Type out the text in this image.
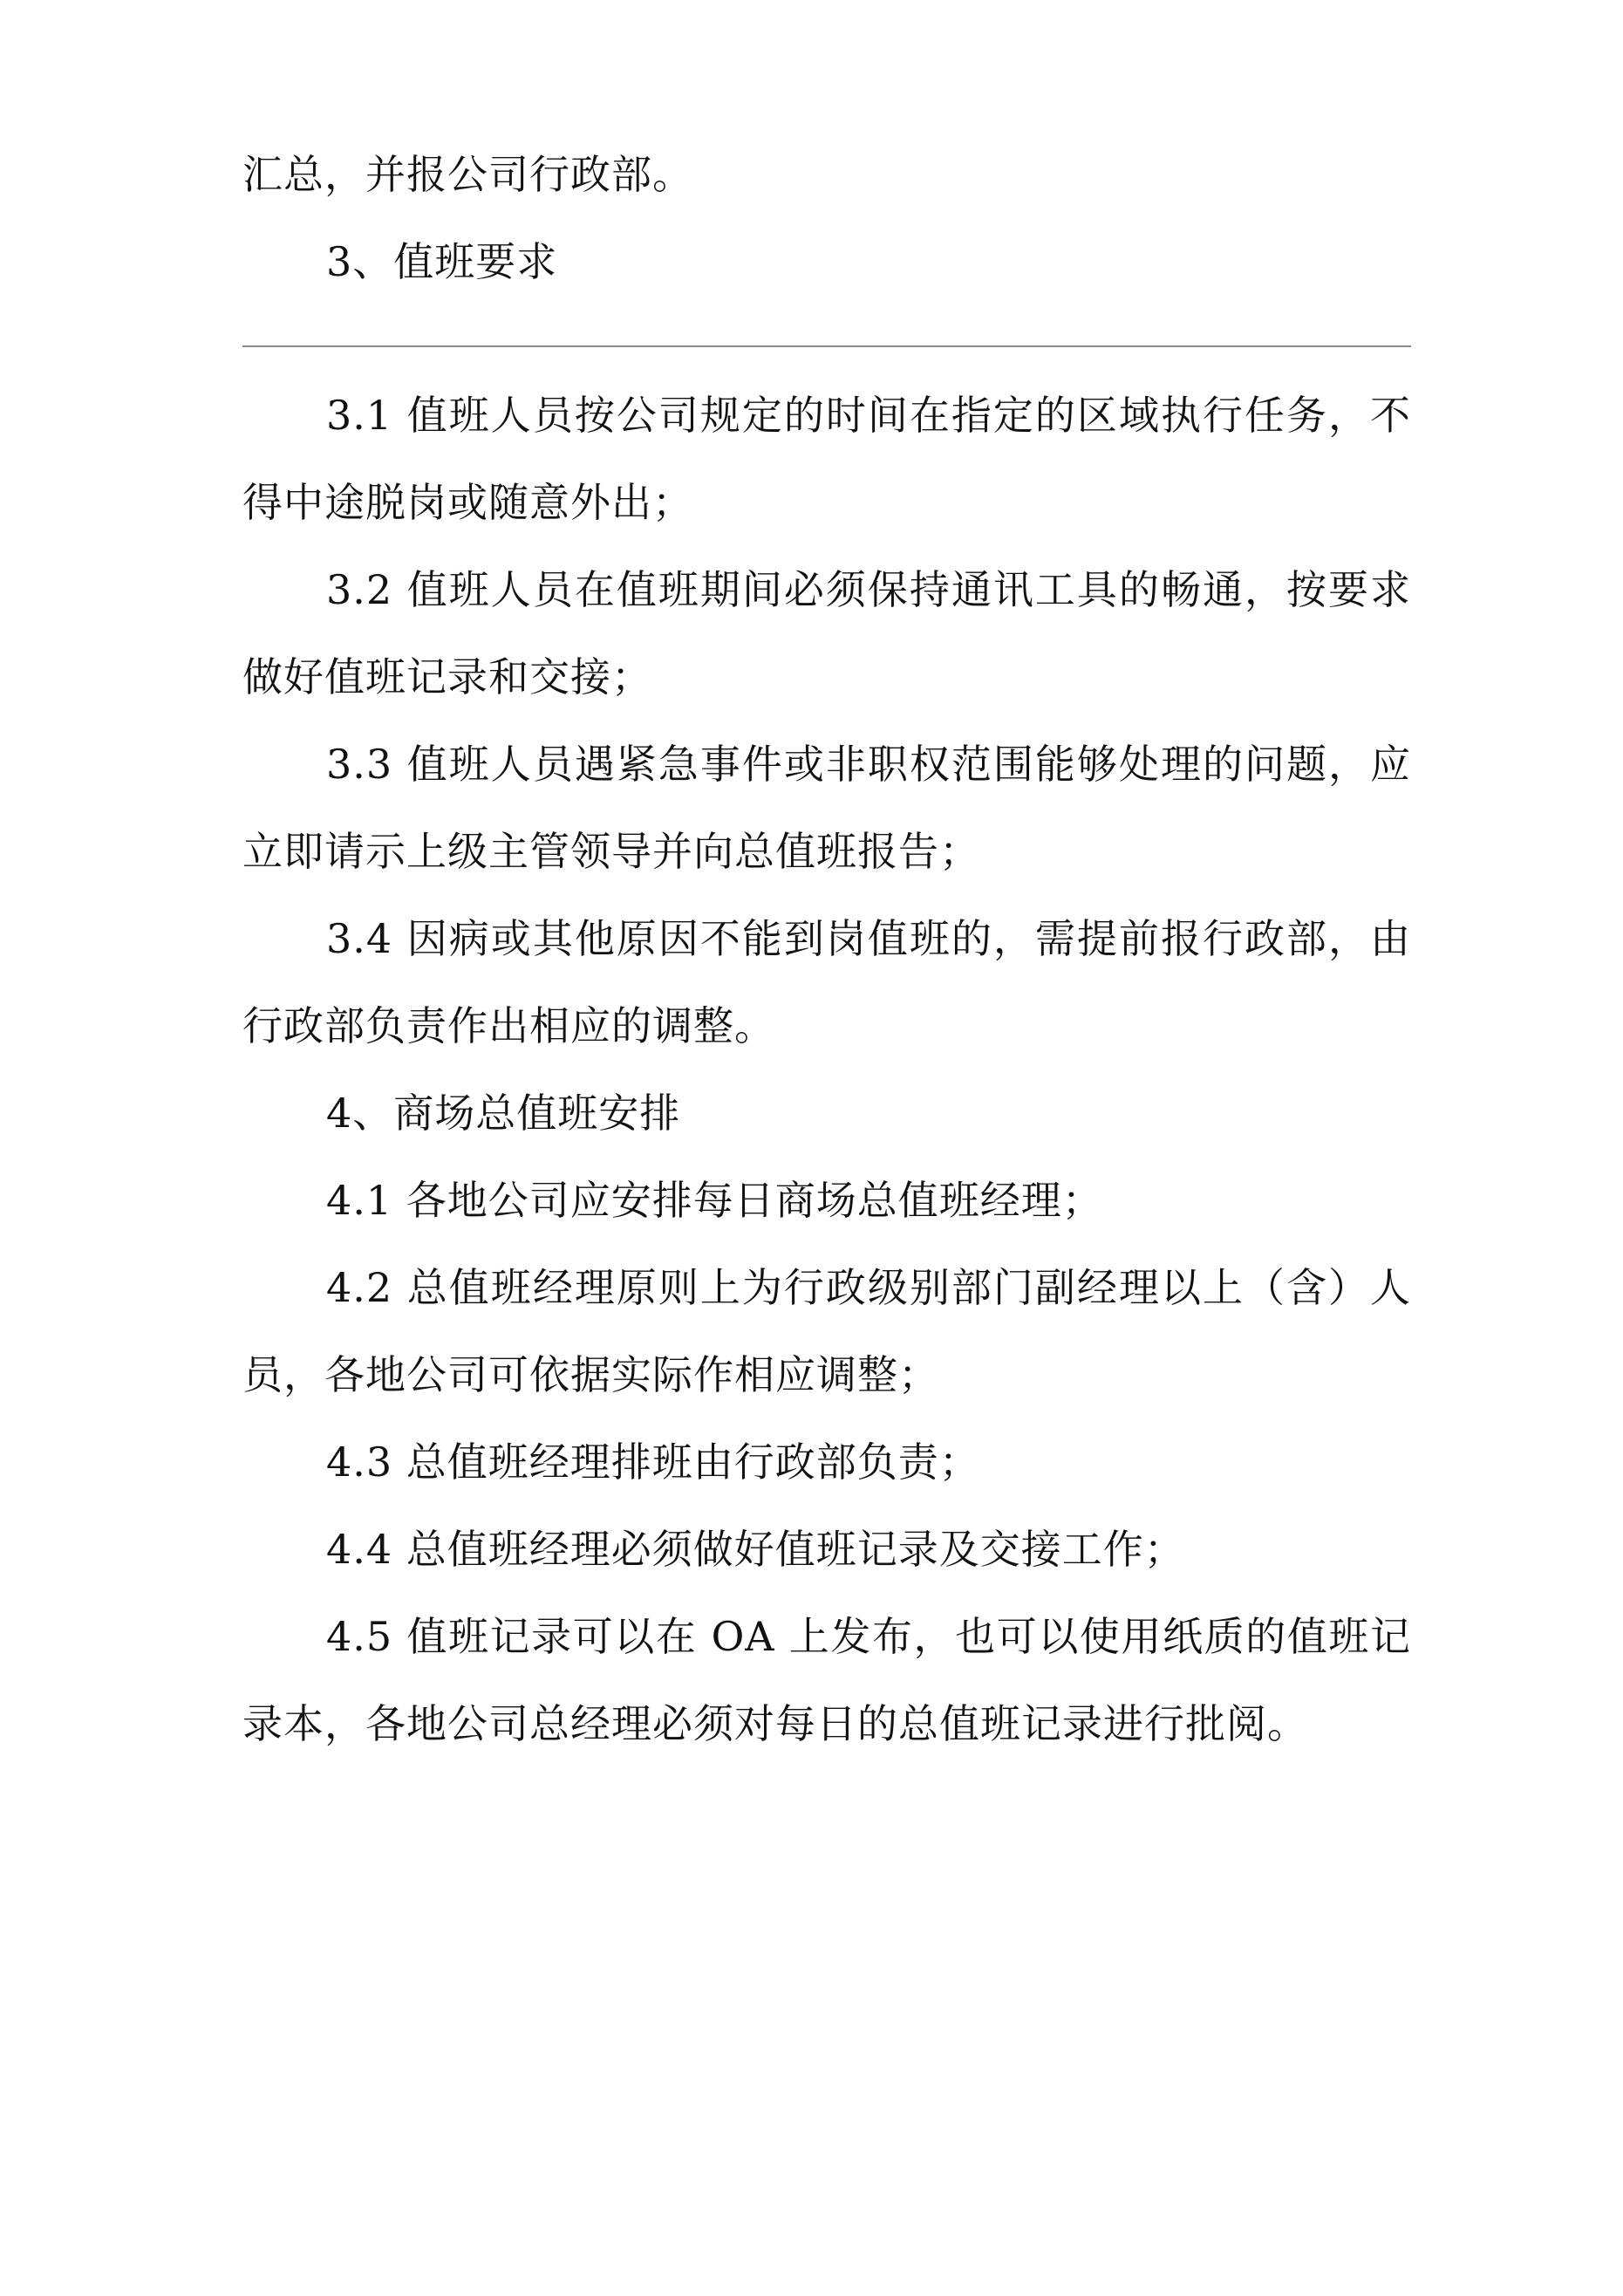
汇总，并报公司行政部。

3、值班要求

3.1 值班人员按公司规定的时间在指定的区域执行任务，不得中途脱岗或随意外出；

3.2 值班人员在值班期间必须保持通讯工具的畅通，按要求做好值班记录和交接；

3.3 值班人员遇紧急事件或非职权范围能够处理的问题，应立即请示上级主管领导并向总值班报告；

3.4 因病或其他原因不能到岗值班的，需提前报行政部，由行政部负责作出相应的调整。

4、商场总值班安排

4.1 各地公司应安排每日商场总值班经理；

4.2 总值班经理原则上为行政级别部门副经理以上（含）人员，各地公司可依据实际作相应调整；

4.3 总值班经理排班由行政部负责；

4.4 总值班经理必须做好值班记录及交接工作；

4.5 值班记录可以在 OA 上发布，也可以使用纸质的值班记录本，各地公司总经理必须对每日的总值班记录进行批阅。
